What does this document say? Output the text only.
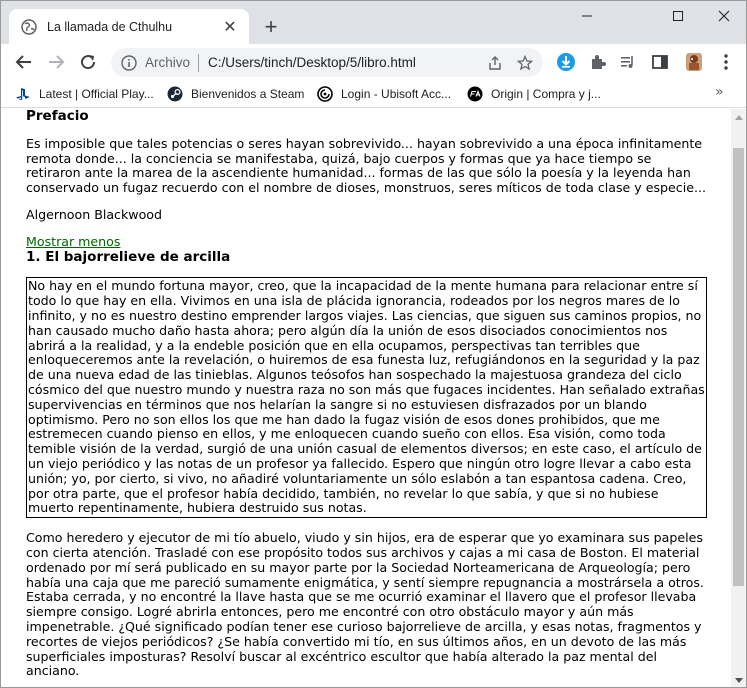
La llamada de Cthulhu	✕ +
Archivo C:/Users/tinch/Desktop/5/libro.html
Latest | Official Play...	Bienvenidos a Steam	Login - Ubisoft Acc...	Origin | Compra y j...	»

Prefacio

Es imposible que tales potencias o seres hayan sobrevivido... hayan sobrevivido a una época infinitamente remota donde... la conciencia se manifestaba, quizá, bajo cuerpos y formas que ya hace tiempo se retiraron ante la marea de la ascendiente humanidad... formas de las que sólo la poesía y la leyenda han conservado un fugaz recuerdo con el nombre de dioses, monstruos, seres míticos de toda clase y especie...

Algernoon Blackwood

Mostrar menos

1. El bajorrelieve de arcilla

No hay en el mundo fortuna mayor, creo, que la incapacidad de la mente humana para relacionar entre sí todo lo que hay en ella. Vivimos en una isla de plácida ignorancia, rodeados por los negros mares de lo infinito, y no es nuestro destino emprender largos viajes. Las ciencias, que siguen sus caminos propios, no han causado mucho daño hasta ahora; pero algún día la unión de esos disociados conocimientos nos abrirá a la realidad, y a la endeble posición que en ella ocupamos, perspectivas tan terribles que enloqueceremos ante la revelación, o huiremos de esa funesta luz, refugiándonos en la seguridad y la paz de una nueva edad de las tinieblas. Algunos teósofos han sospechado la majestuosa grandeza del ciclo cósmico del que nuestro mundo y nuestra raza no son más que fugaces incidentes. Han señalado extrañas supervivencias en términos que nos helarían la sangre si no estuviesen disfrazados por un blando optimismo. Pero no son ellos los que me han dado la fugaz visión de esos dones prohibidos, que me estremecen cuando pienso en ellos, y me enloquecen cuando sueño con ellos. Esa visión, como toda temible visión de la verdad, surgió de una unión casual de elementos diversos; en este caso, el artículo de un viejo periódico y las notas de un profesor ya fallecido. Espero que ningún otro logre llevar a cabo esta unión; yo, por cierto, si vivo, no añadiré voluntariamente un sólo eslabón a tan espantosa cadena. Creo, por otra parte, que el profesor había decidido, también, no revelar lo que sabía, y que si no hubiese muerto repentinamente, hubiera destruido sus notas.

Como heredero y ejecutor de mi tío abuelo, viudo y sin hijos, era de esperar que yo examinara sus papeles con cierta atención. Trasladé con ese propósito todos sus archivos y cajas a mi casa de Boston. El material ordenado por mí será publicado en su mayor parte por la Sociedad Norteamericana de Arqueología; pero había una caja que me pareció sumamente enigmática, y sentí siempre repugnancia a mostrársela a otros. Estaba cerrada, y no encontré la llave hasta que se me ocurrió examinar el llavero que el profesor llevaba siempre consigo. Logré abrirla entonces, pero me encontré con otro obstáculo mayor y aún más impenetrable. ¿Qué significado podían tener ese curioso bajorrelieve de arcilla, y esas notas, fragmentos y recortes de viejos periódicos? ¿Se había convertido mi tío, en sus últimos años, en un devoto de las más superficiales imposturas? Resolví buscar al excéntrico escultor que había alterado la paz mental del anciano.
